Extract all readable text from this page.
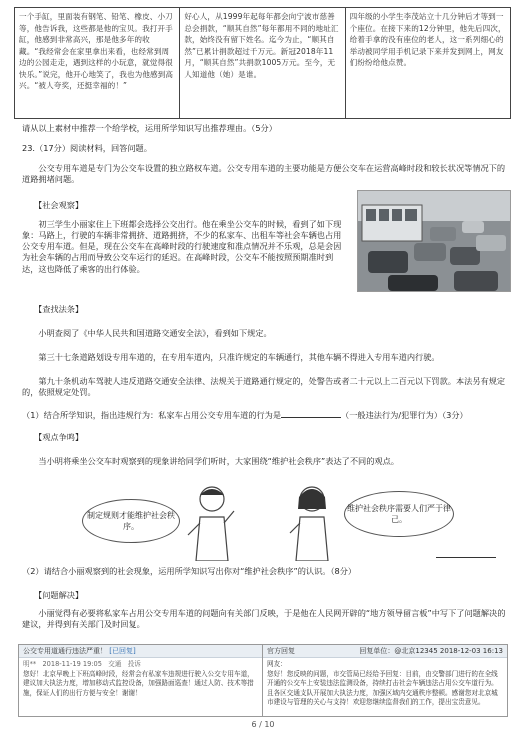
一个手缸，里面装有钢笔、铅笔、橡皮、小刀等，他告诉我，这些都是他的宝贝。我打开手缸，他感到非常高兴，那是他多年的收藏。“我经常会在家里拿出来看，也经常到周边的公园走走，遇到这样的小玩意，就觉得很快乐。”说完，他开心地笑了，我也为他感到高兴。“被人夸奖，还挺幸福的！”
好心人，从1999年起每年都会向宁波市慈善总会捐款，“顺其自然”每年都用不同的地址汇款，始终没有留下姓名。迄今为止，“顺其自然”已累计捐款超过千万元。新冠2018年11月，“顺其自然”共捐款1005万元。至今，无人知道他（她）是谁。
四年级的小学生李茂站立十几分钟后才等到一个座位。在接下来的12分钟里，他先后四次，给着手拿的没有座位的老人，这一系列细心的举动被同学用手机记录下来并发到网上，网友们纷纷给他点赞。
请从以上素材中推荐一个给学校，运用所学知识写出推荐理由。（5分）
23.（17分）阅读材料，回答问题。
公交专用车道是专门为公交车设置的独立路权车道。公交专用车道的主要功能是方便公交车在运营高峰时段和较长状况等情况下的道路拥堵问题。
【社会观察】
初三学生小丽家住上下班都会选择公交出行。他在乘坐公交车的时候，看到了如下现象：马路上，行驶的车辆非常拥挤、道路拥挤，不少的私家车、出租车等社会车辆也占用公交专用车道。但是，现在公交车在高峰时段的行驶速度和准点情况并不乐观，总是会因为社会车辆的占用而导致公交车运行的延迟。在高峰时段，公交车不能按照预期准时到达，这也降低了乘客的出行体验。
【查找法条】
小明查阅了《中华人民共和国道路交通安全法》，看到如下规定。
第三十七条道路划设专用车道的，在专用车道内，只准许规定的车辆通行，其他车辆不得进入专用车道内行驶。
第九十条机动车驾驶人违反道路交通安全法律、法规关于道路通行规定的，处警告或者二十元以上二百元以下罚款。本法另有规定的，依照规定处罚。
（1）结合所学知识，指出违规行为：私家车占用公交专用车道的行为是	（一般违法行为/犯罪行为）（3分）
【观点争鸣】
当小明将乘坐公交车时观察到的现象讲给同学们听时，大家围绕“维护社会秩序”表达了不同的观点。
制定规则才能维护社会秩序。
维护社会秩序需要人们严于律己。
（2）请结合小丽观察到的社会现象，运用所学知识写出你对“维护社会秩序”的认识。（8分）
【问题解决】
小丽觉得有必要将私家车占用公交专用车道的问题向有关部门反映，于是他在人民网开辟的“地方领导留言板”中写下了问题解决的建议，并得到有关部门及时回复。
公交专用道通行违法严重！ [已回复]
明** 2018-11-19 19:05 交通 投诉
您好！北京早晚上下班高峰时段，经常会有私家车违规进行驶入公交专用车道，建议加大执法力度，增加移动式监控设备，加强路面巡查！通过人防、技术等措施，保证人们的出行方便与安全！谢谢！
官方回复	回复单位：@北京12345 2018-12-03 16:13
网友：
您好！您反映的问题，市交管局已经给予回复：目前，由交警部门进行的在全线开通的公交车上安装违法监测设备，持续打击社会车辆违法占用公交车道行为。且各区交通支队开展加大执法力度，加强区域内交通秩序整顿。感谢您对北京城市建设与管理的关心与支持！欢迎您继续监督我们的工作，提出宝贵意见。
6 / 10
